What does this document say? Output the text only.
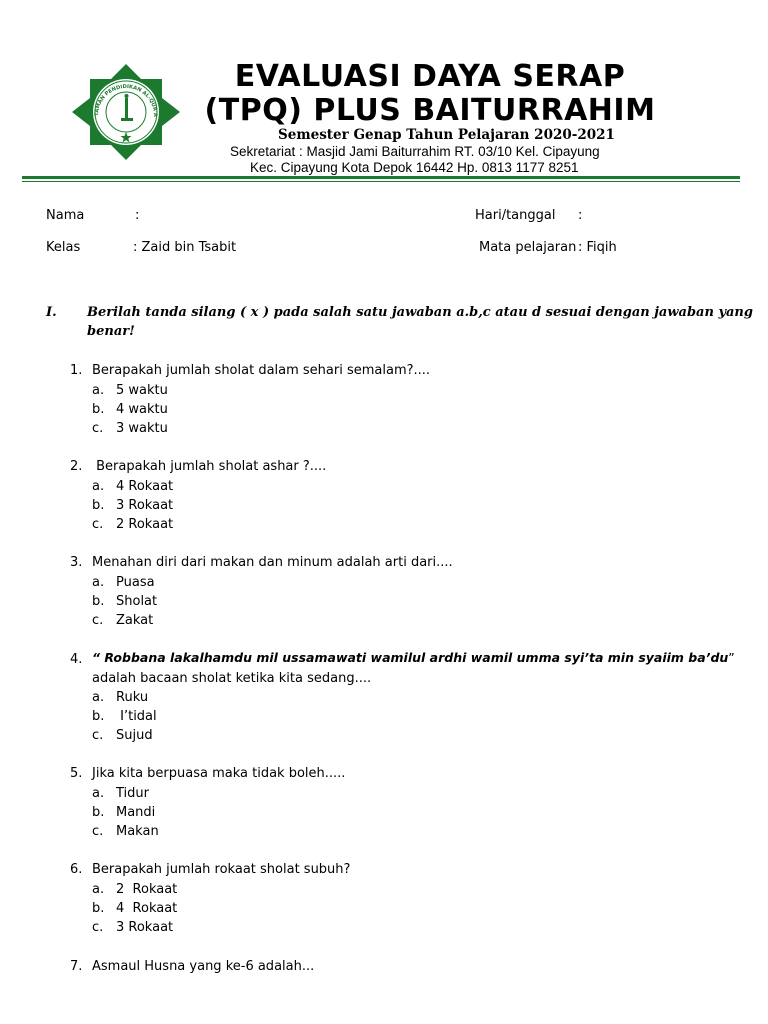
TAMAN PENDIDIKAN AL-QUR'A
EVALUASI DAYA SERAP
(TPQ) PLUS BAITURRAHIM
Semester Genap Tahun Pelajaran 2020-2021
Sekretariat : Masjid Jami Baiturrahim RT. 03/10 Kel. Cipayung
Kec. Cipayung Kota Depok 16442 Hp. 0813 1177 8251
Nama	:	Hari/tanggal :
Kelas	: Zaid bin Tsabit	Mata pelajaran : Fiqih
I. Berilah tanda silang ( x ) pada salah satu jawaban a.b,c atau d sesuai dengan jawaban yang
benar!
1. Berapakah jumlah sholat dalam sehari semalam?....
a. 5 waktu
b. 4 waktu
c. 3 waktu
2. Berapakah jumlah sholat ashar ?....
a. 4 Rokaat
b. 3 Rokaat
c. 2 Rokaat
3. Menahan diri dari makan dan minum adalah arti dari....
a. Puasa
b. Sholat
c. Zakat
4. “ Robbana lakalhamdu mil ussamawati wamilul ardhi wamil umma syi’ta min syaiim ba’du”
adalah bacaan sholat ketika kita sedang....
a. Ruku
b. I’tidal
c. Sujud
5. Jika kita berpuasa maka tidak boleh.....
a. Tidur
b. Mandi
c. Makan
6. Berapakah jumlah rokaat sholat subuh?
a. 2  Rokaat
b. 4  Rokaat
c. 3 Rokaat
7. Asmaul Husna yang ke-6 adalah...
